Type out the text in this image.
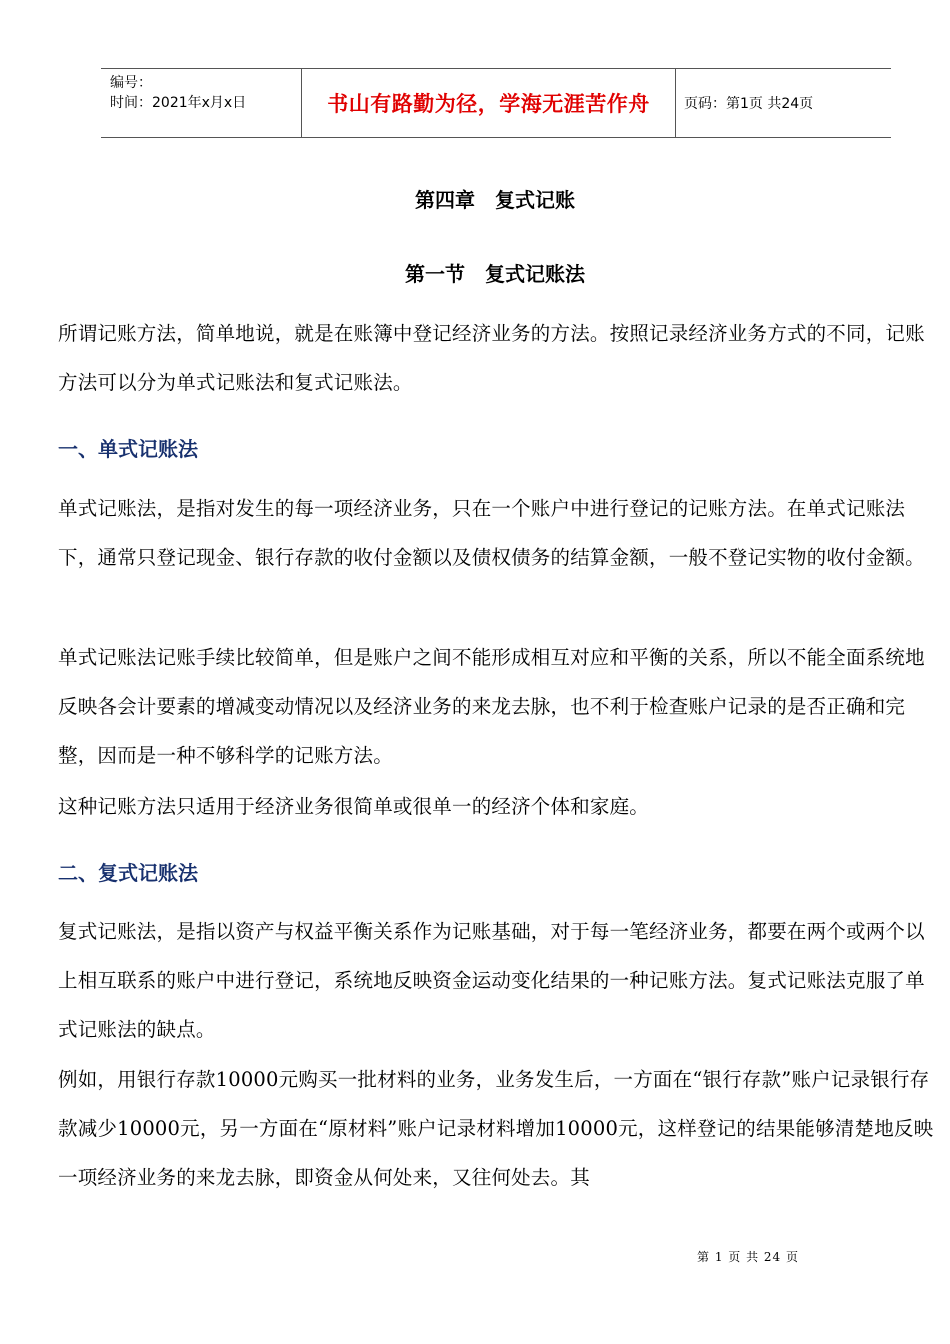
编号：
时间：2021年x月x日	书山有路勤为径，学海无涯苦作舟	页码：第1页 共24页
第四章　复式记账
第一节　复式记账法
所谓记账方法，简单地说，就是在账簿中登记经济业务的方法。按照记录经济业务方式的不同，记账方法可以分为单式记账法和复式记账法。
一、单式记账法
单式记账法，是指对发生的每一项经济业务，只在一个账户中进行登记的记账方法。在单式记账法下，通常只登记现金、银行存款的收付金额以及债权债务的结算金额，一般不登记实物的收付金额。
单式记账法记账手续比较简单，但是账户之间不能形成相互对应和平衡的关系，所以不能全面系统地反映各会计要素的增减变动情况以及经济业务的来龙去脉，也不利于检查账户记录的是否正确和完整，因而是一种不够科学的记账方法。
这种记账方法只适用于经济业务很简单或很单一的经济个体和家庭。
二、复式记账法
复式记账法，是指以资产与权益平衡关系作为记账基础，对于每一笔经济业务，都要在两个或两个以上相互联系的账户中进行登记，系统地反映资金运动变化结果的一种记账方法。复式记账法克服了单式记账法的缺点。
例如，用银行存款10000元购买一批材料的业务，业务发生后，一方面在“银行存款”账户记录银行存款减少10000元，另一方面在“原材料”账户记录材料增加10000元，这样登记的结果能够清楚地反映一项经济业务的来龙去脉，即资金从何处来，又往何处去。其
第 1 页 共 24 页
